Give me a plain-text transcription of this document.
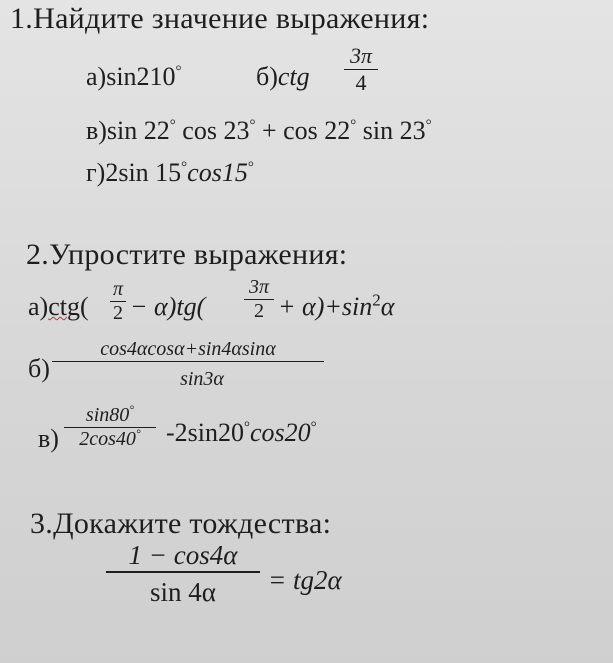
1.Найдите значение выражения:
а)sin210°	б)ctg
3π
4
в)sin 22° cos 23° + cos 22° sin 23°
г)2sin 15°cos15°
2.Упростите выражения:
а)ctg(
π
2 − α)tg(
3π
$2 + \alpha)+\sin^2\alpha$
б)
cos4αcosα+sin4αsinα
sin3α
в)
sin80°
2cos40° -2sin20°cos20°
3.Докажите тождества:
1 − cos4α
sin 4α	= tg2α
